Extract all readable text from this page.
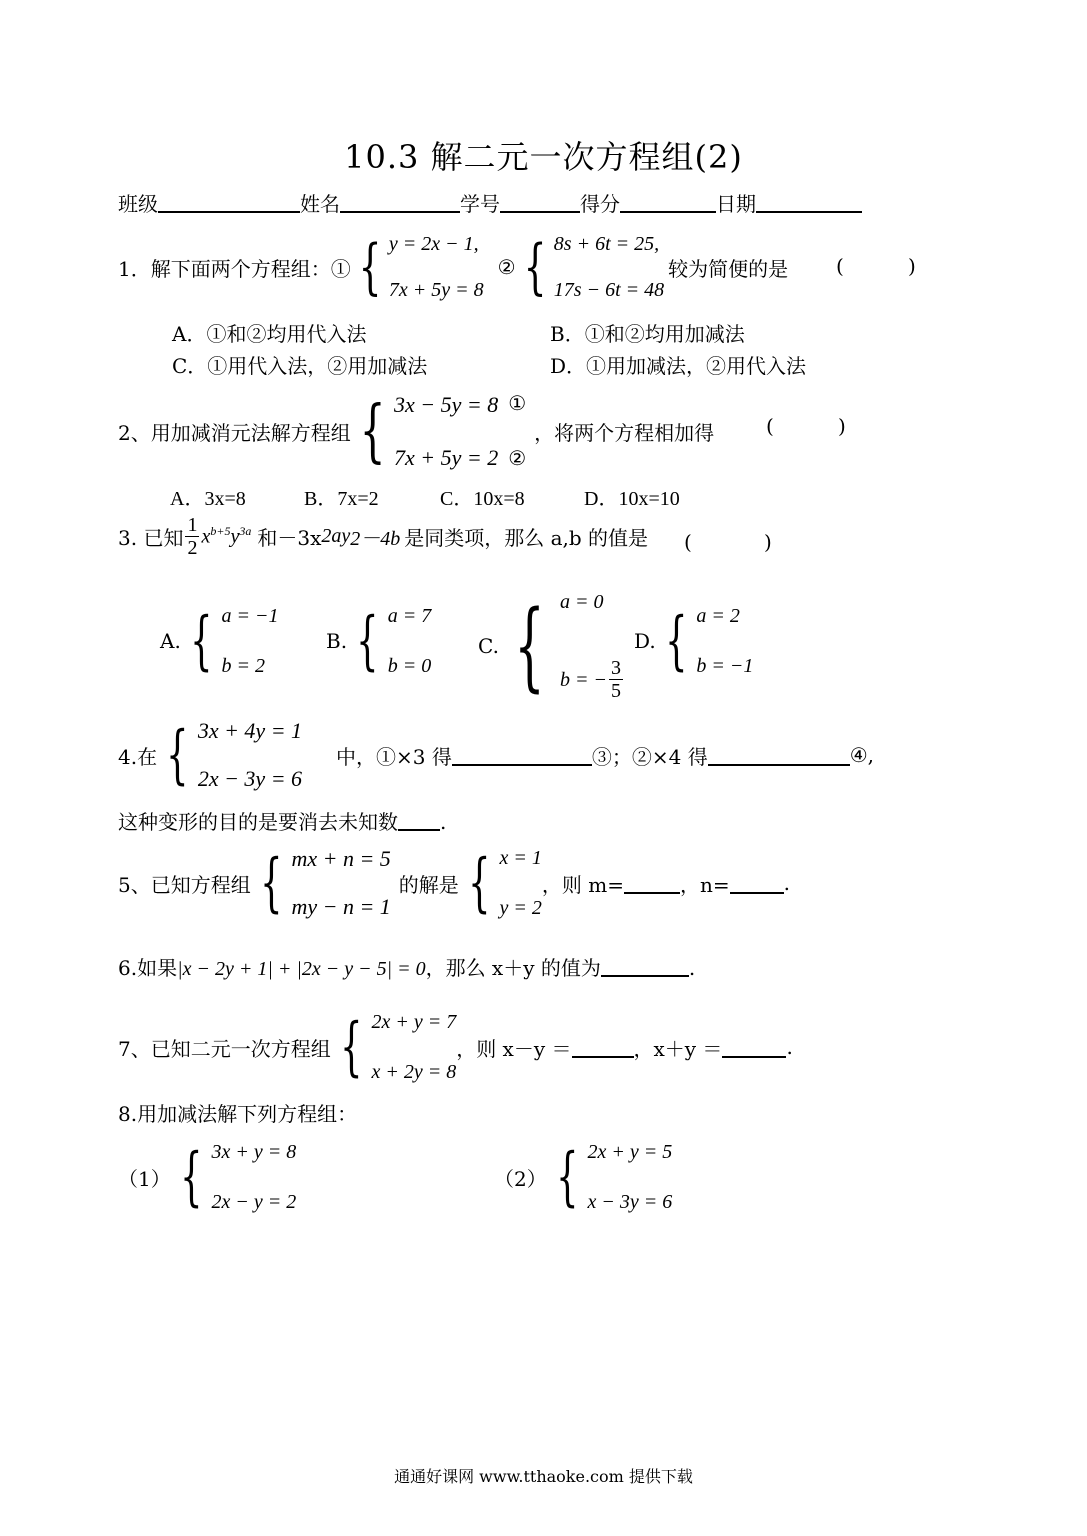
10.3 解二元一次方程组(2)
班级	姓名	学号	得分	日期
1．解下面两个方程组：① { y = 2x − 1,
7x + 5y = 8
② { 8s + 6t = 25,
17s − 6t = 48
较为简便的是 (	)
A．①和②均用代入法	B．①和②均用加减法
C．①用代入法，②用加减法	D．①用加减法，②用代入法
2、用加减消元法解方程组 { 3x − 5y = 8
7x + 5y = 2
①
②
，将两个方程相加得	(	)
A．3x=8	B．7x=2	C．10x=8	D．10x=10
3. 已知 $\frac{1}{2} x^{b+5}y^{3a}$ 和－3x 2a y 2－4b 是同类项，那么 a,b 的值是 (	)
A. { a = −1
b = 2
B. { a = 7
b = 0
C. { a = 0
b = − $\frac{3}{5}$
D. { a = 2
b = −1
4.在 { 3x + 4y = 1
2x − 3y = 6
中，①×3 得	③；②×4 得	④,
这种变形的目的是要消去未知数 .
5、已知方程组 { mx + n = 5
my − n = 1
的解是 { x = 1
y = 2
，则 m=	，n=	.
6.如果|x − 2y + 1| + |2x − y − 5| = 0，那么 x＋y 的值为	.
7、已知二元一次方程组 { 2x + y = 7
x + 2y = 8
，则 x－y ＝	，x＋y ＝	.
8.用加减法解下列方程组：
（1） { 3x + y = 8
2x − y = 2
（2） { 2x + y = 5
x − 3y = 6
通通好课网 www.tthaoke.com 提供下载
